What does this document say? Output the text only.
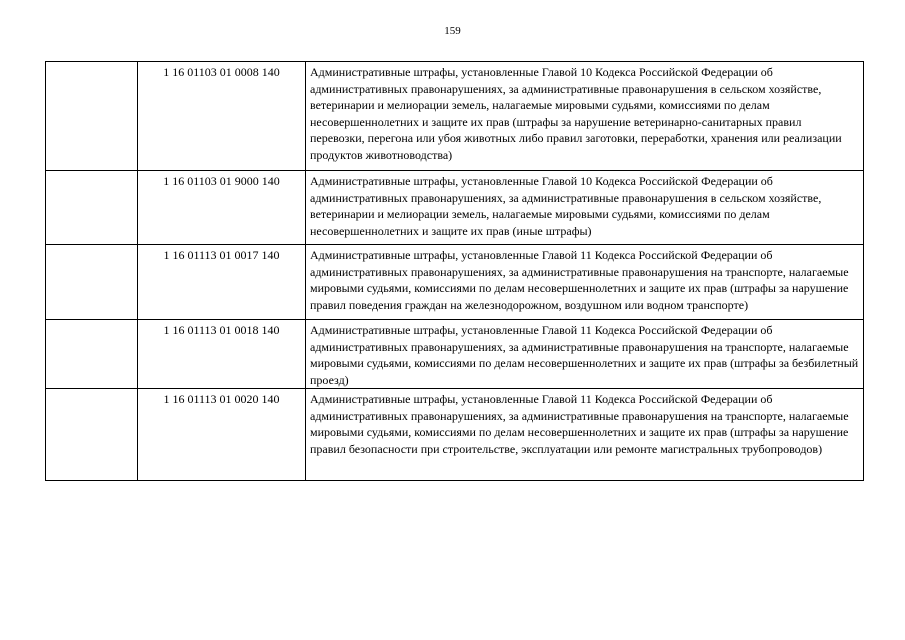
159
	1 16 01103 01 0008 140	Административные штрафы, установленные Главой 10 Кодекса Российской Федерации об административных правонарушениях, за административные правонарушения в сельском хозяйстве, ветеринарии и мелиорации земель, налагаемые мировыми судьями, комиссиями по делам несовершеннолетних и защите их прав (штрафы за нарушение ветеринарно-санитарных правил перевозки, перегона или убоя животных либо правил заготовки, переработки, хранения или реализации продуктов животноводства)
	1 16 01103 01 9000 140	Административные штрафы, установленные Главой 10 Кодекса Российской Федерации об административных правонарушениях, за административные правонарушения в сельском хозяйстве, ветеринарии и мелиорации земель, налагаемые мировыми судьями, комиссиями по делам несовершеннолетних и защите их прав (иные штрафы)
	1 16 01113 01 0017 140	Административные штрафы, установленные Главой 11 Кодекса Российской Федерации об административных правонарушениях, за административные правонарушения на транспорте, налагаемые мировыми судьями, комиссиями по делам несовершеннолетних и защите их прав (штрафы за нарушение правил поведения граждан на железнодорожном, воздушном или водном транспорте)
	1 16 01113 01 0018 140	Административные штрафы, установленные Главой 11 Кодекса Российской Федерации об административных правонарушениях, за административные правонарушения на транспорте, налагаемые мировыми судьями, комиссиями по делам несовершеннолетних и защите их прав (штрафы за безбилетный проезд)
	1 16 01113 01 0020 140	Административные штрафы, установленные Главой 11 Кодекса Российской Федерации об административных правонарушениях, за административные правонарушения на транспорте, налагаемые мировыми судьями, комиссиями по делам несовершеннолетних и защите их прав (штрафы за нарушение правил безопасности при строительстве, эксплуатации или ремонте магистральных трубопроводов)
